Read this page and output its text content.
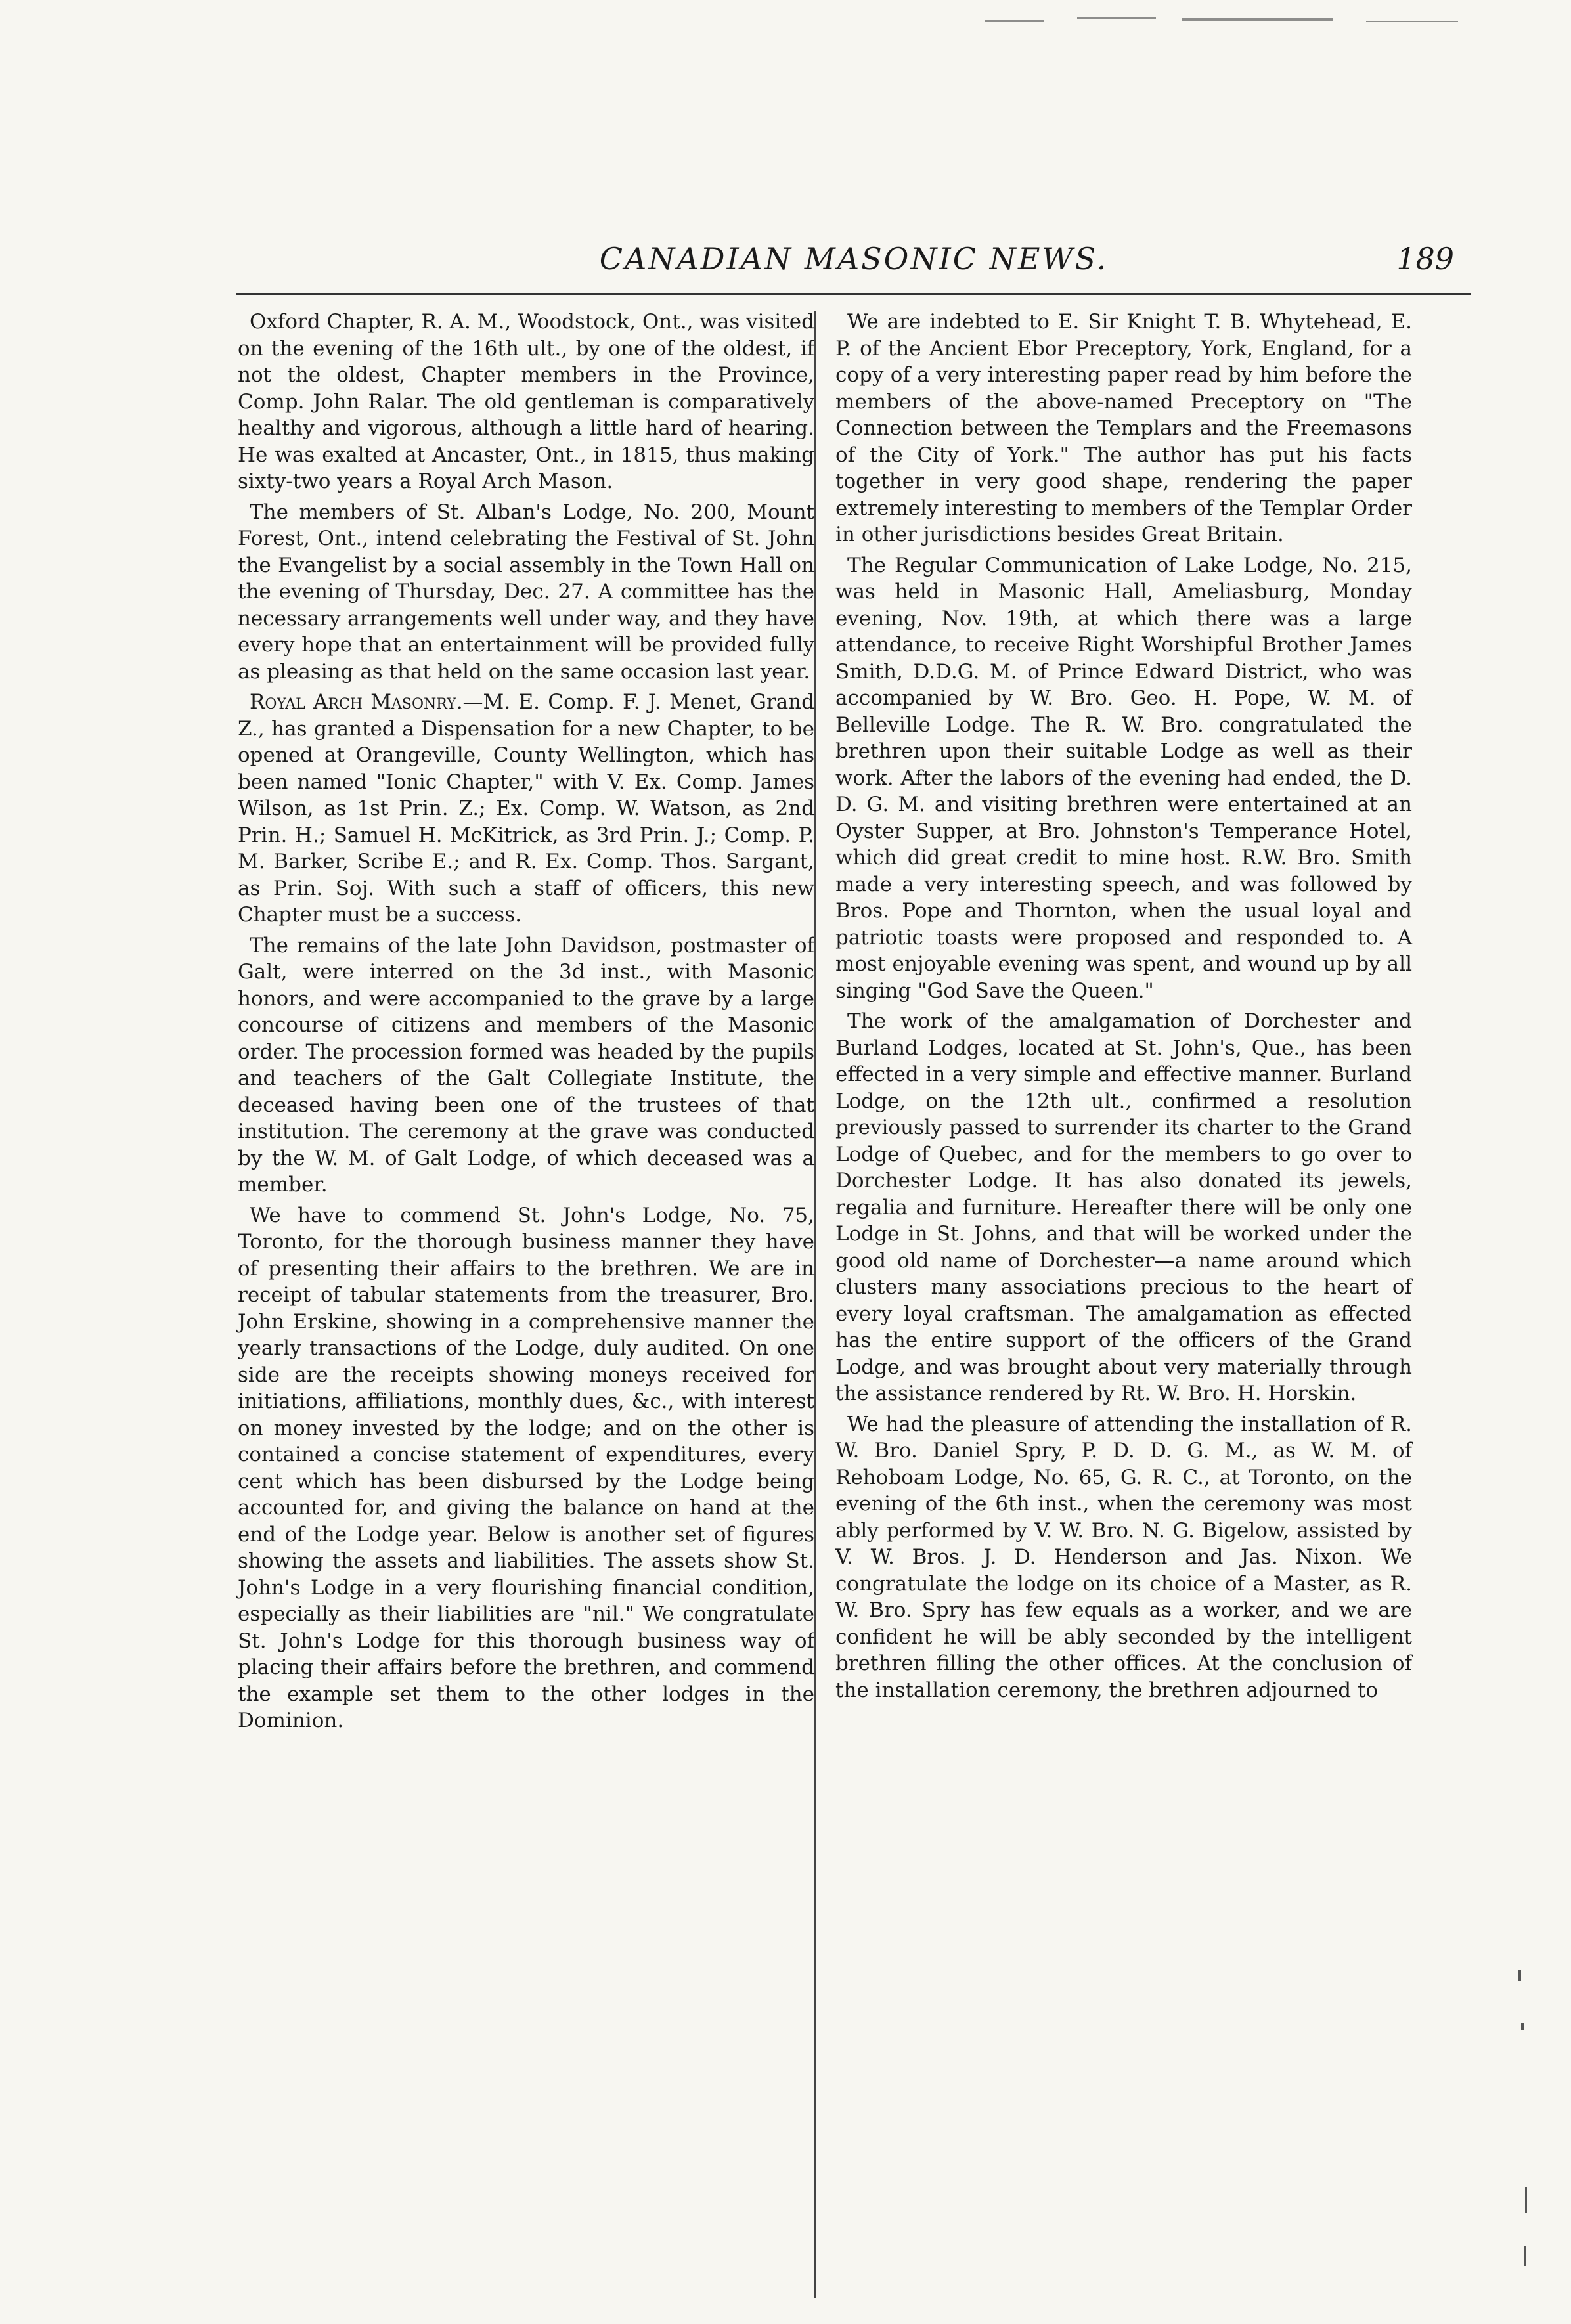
CANADIAN MASONIC NEWS.	189

Oxford Chapter, R. A. M., Woodstock, Ont., was visited on the evening of the 16th ult., by one of the oldest, if not the oldest, Chapter members in the Province, Comp. John Ralar. The old gentleman is comparatively healthy and vigorous, although a little hard of hearing. He was exalted at Ancaster, Ont., in 1815, thus making sixty-two years a Royal Arch Mason.

The members of St. Alban's Lodge, No. 200, Mount Forest, Ont., intend celebrating the Festival of St. John the Evangelist by a social assembly in the Town Hall on the evening of Thursday, Dec. 27. A committee has the necessary arrangements well under way, and they have every hope that an entertainment will be provided fully as pleasing as that held on the same occasion last year.

Royal Arch Masonry.—M. E. Comp. F. J. Menet, Grand Z., has granted a Dispensation for a new Chapter, to be opened at Orangeville, County Wellington, which has been named "Ionic Chapter," with V. Ex. Comp. James Wilson, as 1st Prin. Z.; Ex. Comp. W. Watson, as 2nd Prin. H.; Samuel H. McKitrick, as 3rd Prin. J.; Comp. P. M. Barker, Scribe E.; and R. Ex. Comp. Thos. Sargant, as Prin. Soj. With such a staff of officers, this new Chapter must be a success.

The remains of the late John Davidson, postmaster of Galt, were interred on the 3d inst., with Masonic honors, and were accompanied to the grave by a large concourse of citizens and members of the Masonic order. The procession formed was headed by the pupils and teachers of the Galt Collegiate Institute, the deceased having been one of the trustees of that institution. The ceremony at the grave was conducted by the W. M. of Galt Lodge, of which deceased was a member.

We have to commend St. John's Lodge, No. 75, Toronto, for the thorough business manner they have of presenting their affairs to the brethren. We are in receipt of tabular statements from the treasurer, Bro. John Erskine, showing in a comprehensive manner the yearly transactions of the Lodge, duly audited. On one side are the receipts showing moneys received for initiations, affiliations, monthly dues, &c., with interest on money invested by the lodge; and on the other is contained a concise statement of expenditures, every cent which has been disbursed by the Lodge being accounted for, and giving the balance on hand at the end of the Lodge year. Below is another set of figures showing the assets and liabilities. The assets show St. John's Lodge in a very flourishing financial condition, especially as their liabilities are "nil." We congratulate St. John's Lodge for this thorough business way of placing their affairs before the brethren, and commend the example set them to the other lodges in the Dominion.

We are indebted to E. Sir Knight T. B. Whytehead, E. P. of the Ancient Ebor Preceptory, York, England, for a copy of a very interesting paper read by him before the members of the above-named Preceptory on "The Connection between the Templars and the Freemasons of the City of York." The author has put his facts together in very good shape, rendering the paper extremely interesting to members of the Templar Order in other jurisdictions besides Great Britain.

The Regular Communication of Lake Lodge, No. 215, was held in Masonic Hall, Ameliasburg, Monday evening, Nov. 19th, at which there was a large attendance, to receive Right Worshipful Brother James Smith, D.D.G. M. of Prince Edward District, who was accompanied by W. Bro. Geo. H. Pope, W. M. of Belleville Lodge. The R. W. Bro. congratulated the brethren upon their suitable Lodge as well as their work. After the labors of the evening had ended, the D. D. G. M. and visiting brethren were entertained at an Oyster Supper, at Bro. Johnston's Temperance Hotel, which did great credit to mine host. R.W. Bro. Smith made a very interesting speech, and was followed by Bros. Pope and Thornton, when the usual loyal and patriotic toasts were proposed and responded to. A most enjoyable evening was spent, and wound up by all singing "God Save the Queen."

The work of the amalgamation of Dorchester and Burland Lodges, located at St. John's, Que., has been effected in a very simple and effective manner. Burland Lodge, on the 12th ult., confirmed a resolution previously passed to surrender its charter to the Grand Lodge of Quebec, and for the members to go over to Dorchester Lodge. It has also donated its jewels, regalia and furniture. Hereafter there will be only one Lodge in St. Johns, and that will be worked under the good old name of Dorchester—a name around which clusters many associations precious to the heart of every loyal craftsman. The amalgamation as effected has the entire support of the officers of the Grand Lodge, and was brought about very materially through the assistance rendered by Rt. W. Bro. H. Horskin.

We had the pleasure of attending the installation of R. W. Bro. Daniel Spry, P. D. D. G. M., as W. M. of Rehoboam Lodge, No. 65, G. R. C., at Toronto, on the evening of the 6th inst., when the ceremony was most ably performed by V. W. Bro. N. G. Bigelow, assisted by V. W. Bros. J. D. Henderson and Jas. Nixon. We congratulate the lodge on its choice of a Master, as R. W. Bro. Spry has few equals as a worker, and we are confident he will be ably seconded by the intelligent brethren filling the other offices. At the conclusion of the installation ceremony, the brethren adjourned to
